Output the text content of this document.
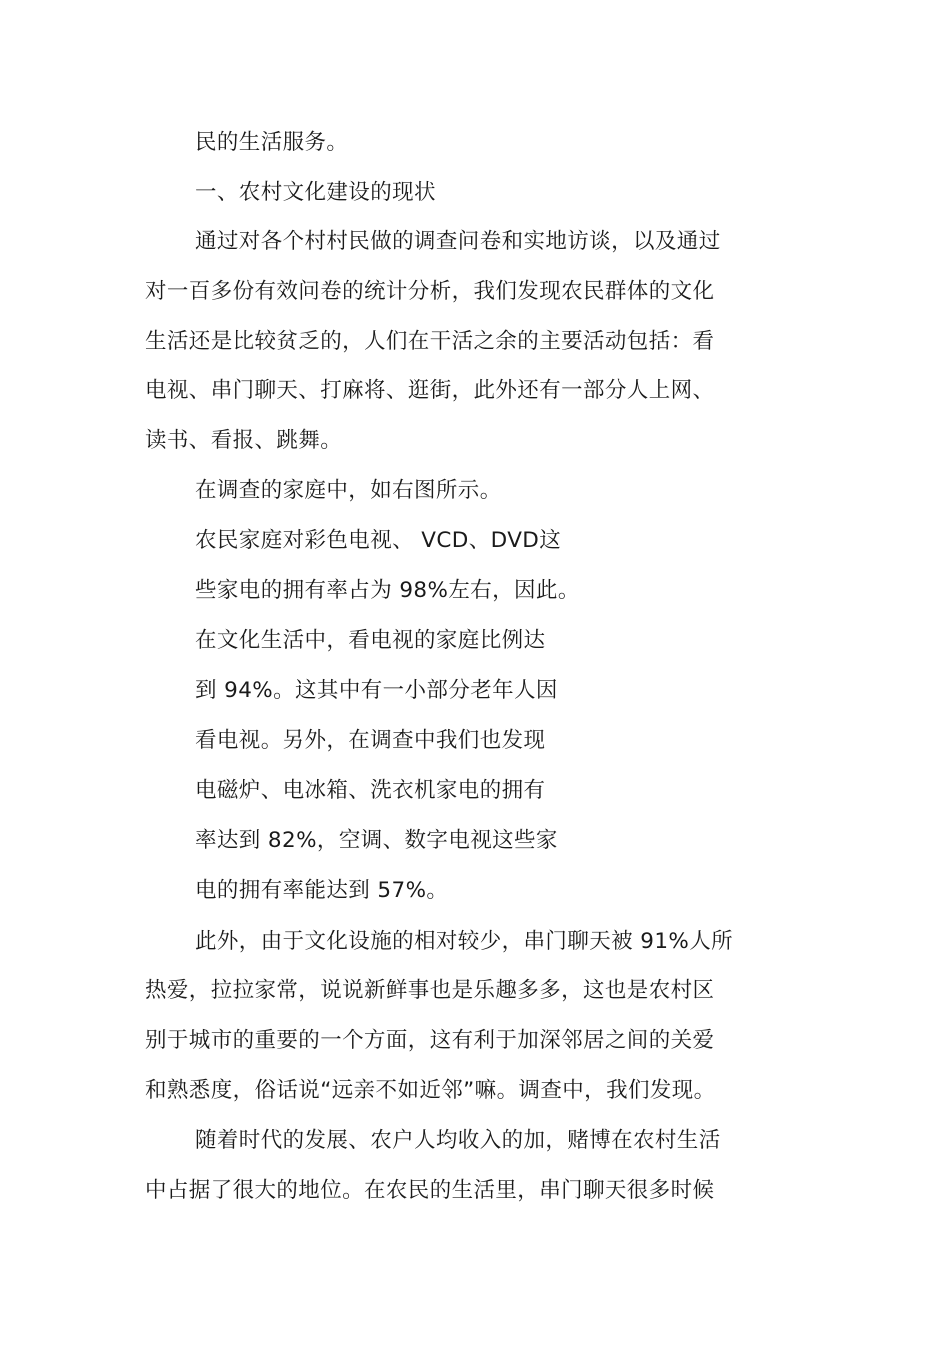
民的生活服务。
一、农村文化建设的现状
通过对各个村村民做的调查问卷和实地访谈，以及通过
对一百多份有效问卷的统计分析，我们发现农民群体的文化
生活还是比较贫乏的，人们在干活之余的主要活动包括：看
电视、串门聊天、打麻将、逛街，此外还有一部分人上网、
读书、看报、跳舞。
在调查的家庭中，如右图所示。
农民家庭对彩色电视、 VCD、DVD这
些家电的拥有率占为 98%左右，因此。
在文化生活中，看电视的家庭比例达
到 94%。这其中有一小部分老年人因
看电视。另外，在调查中我们也发现
电磁炉、电冰箱、洗衣机家电的拥有
率达到 82%，空调、数字电视这些家
电的拥有率能达到 57%。
此外，由于文化设施的相对较少，串门聊天被 91%人所
热爱，拉拉家常，说说新鲜事也是乐趣多多，这也是农村区
别于城市的重要的一个方面，这有利于加深邻居之间的关爱
和熟悉度，俗话说“远亲不如近邻”嘛。调查中，我们发现。
随着时代的发展、农户人均收入的加，赌博在农村生活
中占据了很大的地位。在农民的生活里，串门聊天很多时候
